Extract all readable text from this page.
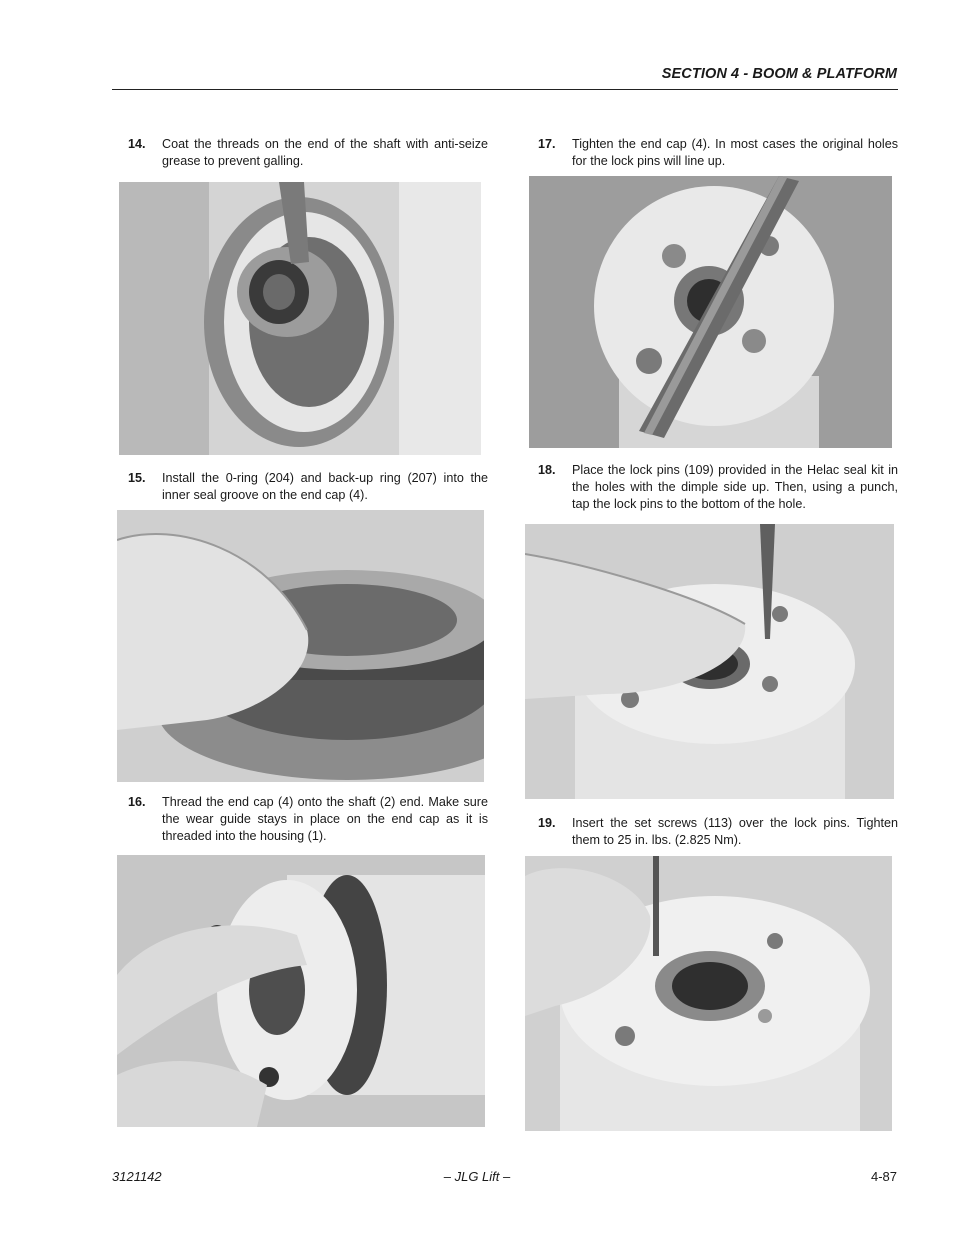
SECTION 4 - BOOM & PLATFORM
14. Coat the threads on the end of the shaft with anti-seize grease to prevent galling.
15. Install the 0-ring (204) and back-up ring (207) into the inner seal groove on the end cap (4).
16. Thread the end cap (4) onto the shaft (2) end. Make sure the wear guide stays in place on the end cap as it is threaded into the housing (1).
17. Tighten the end cap (4). In most cases the original holes for the lock pins will line up.
18. Place the lock pins (109) provided in the Helac seal kit in the holes with the dimple side up. Then, using a punch, tap the lock pins to the bottom of the hole.
19. Insert the set screws (113) over the lock pins. Tighten them to 25 in. lbs. (2.825 Nm).
3121142	– JLG Lift –	4-87
